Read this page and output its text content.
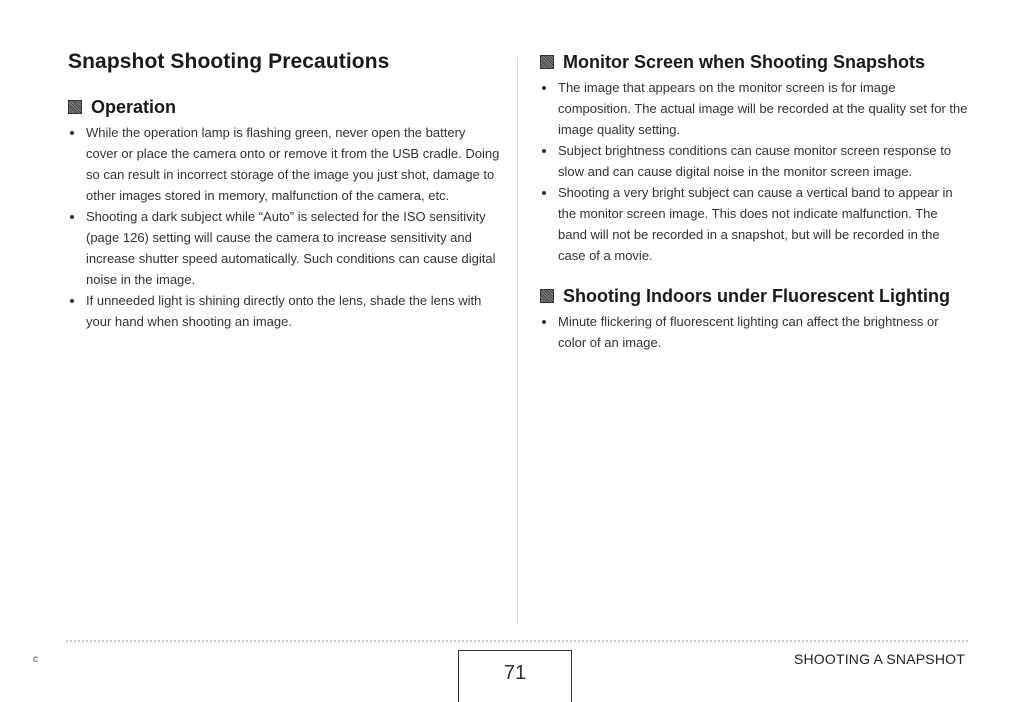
Snapshot Shooting Precautions
Operation
While the operation lamp is flashing green, never open the battery cover or place the camera onto or remove it from the USB cradle. Doing so can result in incorrect storage of the image you just shot, damage to other images stored in memory, malfunction of the camera, etc.
Shooting a dark subject while “Auto” is selected for the ISO sensitivity (page 126) setting will cause the camera to increase sensitivity and increase shutter speed automatically. Such conditions can cause digital noise in the image.
If unneeded light is shining directly onto the lens, shade the lens with your hand when shooting an image.
Monitor Screen when Shooting Snapshots
The image that appears on the monitor screen is for image composition. The actual image will be recorded at the quality set for the image quality setting.
Subject brightness conditions can cause monitor screen response to slow and can cause digital noise in the monitor screen image.
Shooting a very bright subject can cause a vertical band to appear in the monitor screen image. This does not indicate malfunction. The band will not be recorded in a snapshot, but will be recorded in the case of a movie.
Shooting Indoors under Fluorescent Lighting
Minute flickering of fluorescent lighting can affect the brightness or color of an image.
c
71
SHOOTING A SNAPSHOT
